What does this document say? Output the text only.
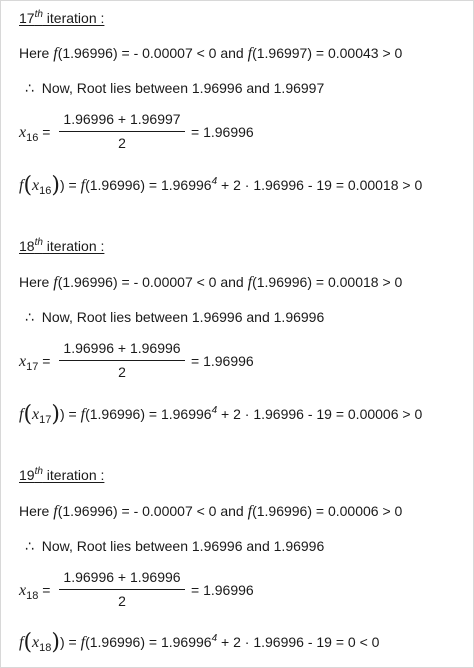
17th iteration :
Here f(1.96996) = - 0.00007 < 0 and f(1.96997) = 0.00043 > 0
∴ Now, Root lies between 1.96996 and 1.96997
$x_{16}$ =
1.96996 + 1.96997
2
= 1.96996
$f(x_{16})) = f(1.96996) = 1.96996^4 + 2 \cdot 1.96996 - 19 = 0.00018 > 0$
18th iteration :
Here f(1.96996) = - 0.00007 < 0 and f(1.96996) = 0.00018 > 0
∴ Now, Root lies between 1.96996 and 1.96996
$x_{17}$ =
1.96996 + 1.96996
2
= 1.96996
$f(x_{17})) = f(1.96996) = 1.96996^4 + 2 \cdot 1.96996 - 19 = 0.00006 > 0$
19th iteration :
Here f(1.96996) = - 0.00007 < 0 and f(1.96996) = 0.00006 > 0
∴ Now, Root lies between 1.96996 and 1.96996
$x_{18}$ =
1.96996 + 1.96996
2
= 1.96996
$f(x_{18})) = f(1.96996) = 1.96996^4 + 2 \cdot 1.96996 - 19 = 0 < 0$
